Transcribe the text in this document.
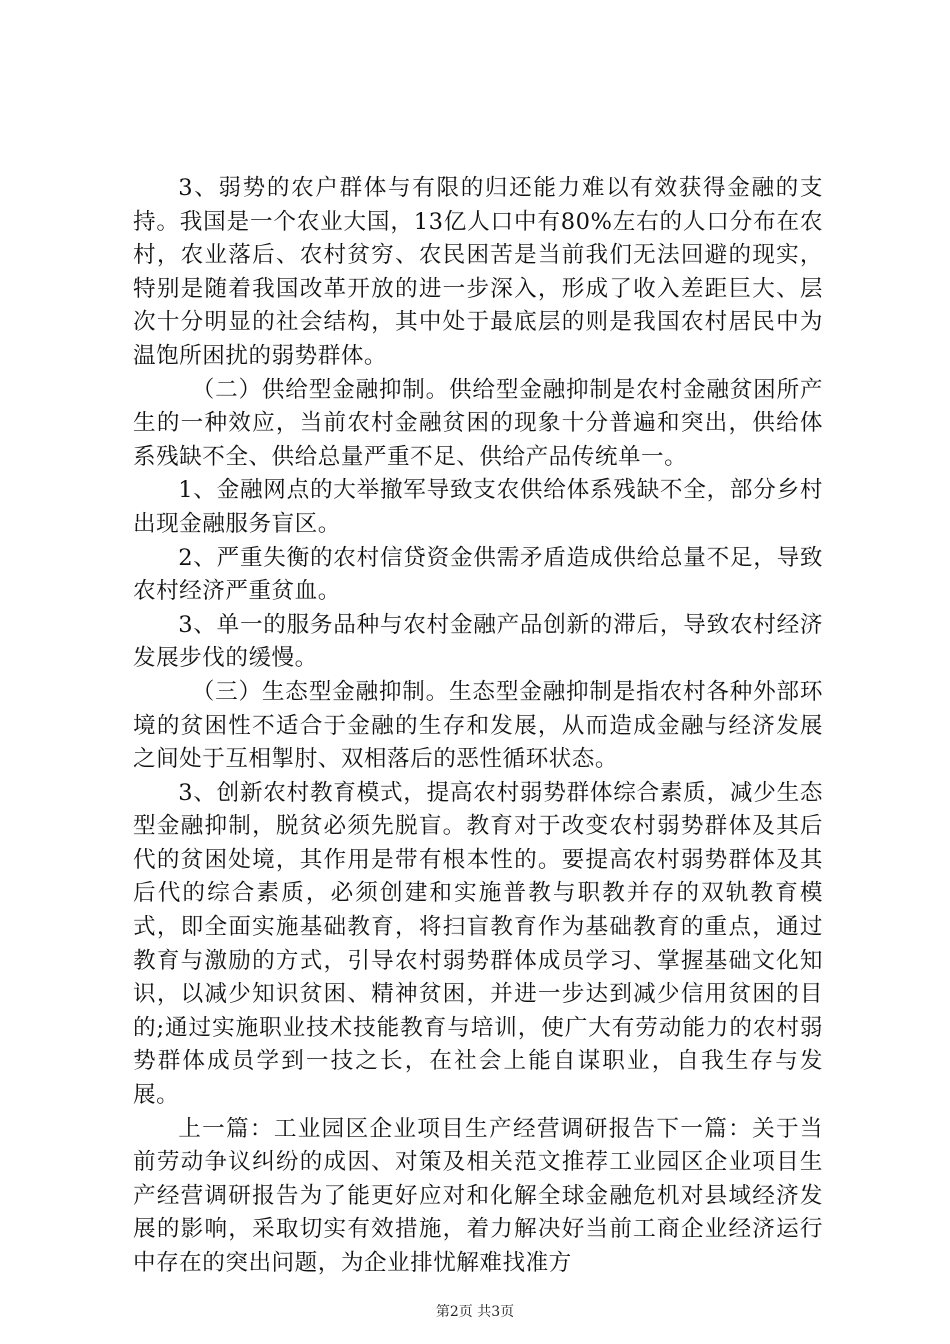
3、弱势的农户群体与有限的归还能力难以有效获得金融的支持。我国是一个农业大国，13亿人口中有80%左右的人口分布在农村，农业落后、农村贫穷、农民困苦是当前我们无法回避的现实，特别是随着我国改革开放的进一步深入，形成了收入差距巨大、层次十分明显的社会结构，其中处于最底层的则是我国农村居民中为温饱所困扰的弱势群体。

（二）供给型金融抑制。供给型金融抑制是农村金融贫困所产生的一种效应，当前农村金融贫困的现象十分普遍和突出，供给体系残缺不全、供给总量严重不足、供给产品传统单一。

1、金融网点的大举撤军导致支农供给体系残缺不全，部分乡村出现金融服务盲区。

2、严重失衡的农村信贷资金供需矛盾造成供给总量不足，导致农村经济严重贫血。

3、单一的服务品种与农村金融产品创新的滞后，导致农村经济发展步伐的缓慢。

（三）生态型金融抑制。生态型金融抑制是指农村各种外部环境的贫困性不适合于金融的生存和发展，从而造成金融与经济发展之间处于互相掣肘、双相落后的恶性循环状态。

3、创新农村教育模式，提高农村弱势群体综合素质，减少生态型金融抑制，脱贫必须先脱盲。教育对于改变农村弱势群体及其后代的贫困处境，其作用是带有根本性的。要提高农村弱势群体及其后代的综合素质，必须创建和实施普教与职教并存的双轨教育模式，即全面实施基础教育，将扫盲教育作为基础教育的重点，通过教育与激励的方式，引导农村弱势群体成员学习、掌握基础文化知识，以减少知识贫困、精神贫困，并进一步达到减少信用贫困的目的;通过实施职业技术技能教育与培训，使广大有劳动能力的农村弱势群体成员学到一技之长，在社会上能自谋职业，自我生存与发展。

上一篇：工业园区企业项目生产经营调研报告下一篇：关于当前劳动争议纠纷的成因、对策及相关范文推荐工业园区企业项目生产经营调研报告为了能更好应对和化解全球金融危机对县域经济发展的影响，采取切实有效措施，着力解决好当前工商企业经济运行中存在的突出问题，为企业排忧解难找准方

第2页 共3页
